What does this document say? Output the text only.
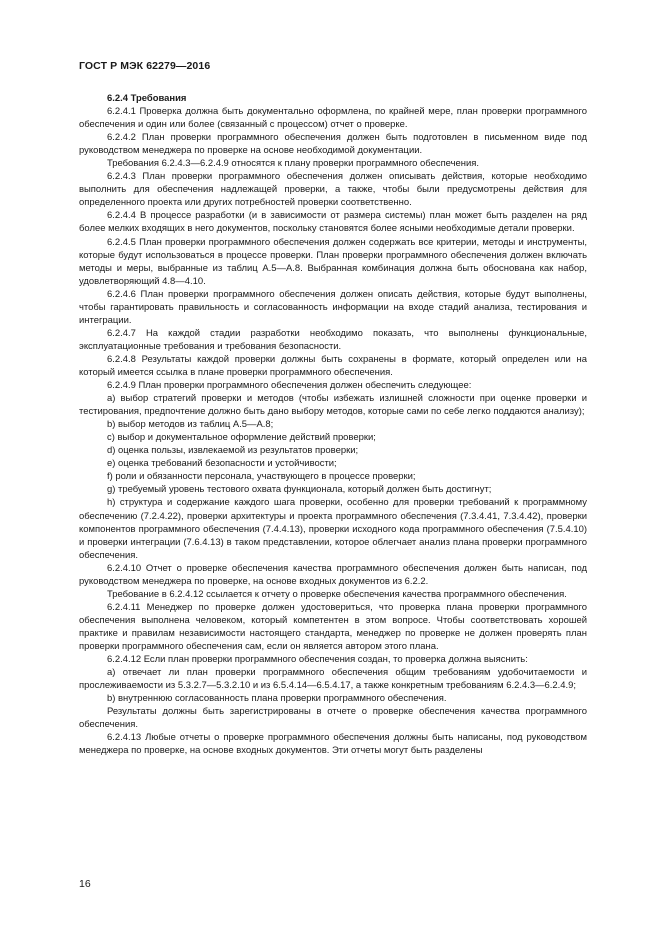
ГОСТ Р МЭК 62279—2016

6.2.4 Требования

6.2.4.1 Проверка должна быть документально оформлена, по крайней мере, план проверки программного обеспечения и один или более (связанный с процессом) отчет о проверке.

6.2.4.2 План проверки программного обеспечения должен быть подготовлен в письменном виде под руководством менеджера по проверке на основе необходимой документации.

Требования 6.2.4.3—6.2.4.9 относятся к плану проверки программного обеспечения.

6.2.4.3 План проверки программного обеспечения должен описывать действия, которые необходимо выполнить для обеспечения надлежащей проверки, а также, чтобы были предусмотрены действия для определенного проекта или других потребностей проверки соответственно.

6.2.4.4 В процессе разработки (и в зависимости от размера системы) план может быть разделен на ряд более мелких входящих в него документов, поскольку становятся более ясными необходимые детали проверки.

6.2.4.5 План проверки программного обеспечения должен содержать все критерии, методы и инструменты, которые будут использоваться в процессе проверки. План проверки программного обеспечения должен включать методы и меры, выбранные из таблиц А.5—А.8. Выбранная комбинация должна быть обоснована как набор, удовлетворяющий 4.8—4.10.

6.2.4.6 План проверки программного обеспечения должен описать действия, которые будут выполнены, чтобы гарантировать правильность и согласованность информации на входе стадий анализа, тестирования и интеграции.

6.2.4.7 На каждой стадии разработки необходимо показать, что выполнены функциональные, эксплуатационные требования и требования безопасности.

6.2.4.8 Результаты каждой проверки должны быть сохранены в формате, который определен или на который имеется ссылка в плане проверки программного обеспечения.

6.2.4.9 План проверки программного обеспечения должен обеспечить следующее:

a) выбор стратегий проверки и методов (чтобы избежать излишней сложности при оценке проверки и тестирования, предпочтение должно быть дано выбору методов, которые сами по себе легко поддаются анализу);

b) выбор методов из таблиц А.5—А.8;

c) выбор и документальное оформление действий проверки;

d) оценка пользы, извлекаемой из результатов проверки;

e) оценка требований безопасности и устойчивости;

f) роли и обязанности персонала, участвующего в процессе проверки;

g) требуемый уровень тестового охвата функционала, который должен быть достигнут;

h) структура и содержание каждого шага проверки, особенно для проверки требований к программному обеспечению (7.2.4.22), проверки архитектуры и проекта программного обеспечения (7.3.4.41, 7.3.4.42), проверки компонентов программного обеспечения (7.4.4.13), проверки исходного кода программного обеспечения (7.5.4.10) и проверки интеграции (7.6.4.13) в таком представлении, которое облегчает анализ плана проверки программного обеспечения.

6.2.4.10 Отчет о проверке обеспечения качества программного обеспечения должен быть написан, под руководством менеджера по проверке, на основе входных документов из 6.2.2.

Требование в 6.2.4.12 ссылается к отчету о проверке обеспечения качества программного обеспечения.

6.2.4.11 Менеджер по проверке должен удостовериться, что проверка плана проверки программного обеспечения выполнена человеком, который компетентен в этом вопросе. Чтобы соответствовать хорошей практике и правилам независимости настоящего стандарта, менеджер по проверке не должен проверять план проверки программного обеспечения сам, если он является автором этого плана.

6.2.4.12 Если план проверки программного обеспечения создан, то проверка должна выяснить:

a) отвечает ли план проверки программного обеспечения общим требованиям удобочитаемости и прослеживаемости из 5.3.2.7—5.3.2.10 и из 6.5.4.14—6.5.4.17, а также конкретным требованиям 6.2.4.3—6.2.4.9;

b) внутреннюю согласованность плана проверки программного обеспечения.

Результаты должны быть зарегистрированы в отчете о проверке обеспечения качества программного обеспечения.

6.2.4.13 Любые отчеты о проверке программного обеспечения должны быть написаны, под руководством менеджера по проверке, на основе входных документов. Эти отчеты могут быть разделены

16
